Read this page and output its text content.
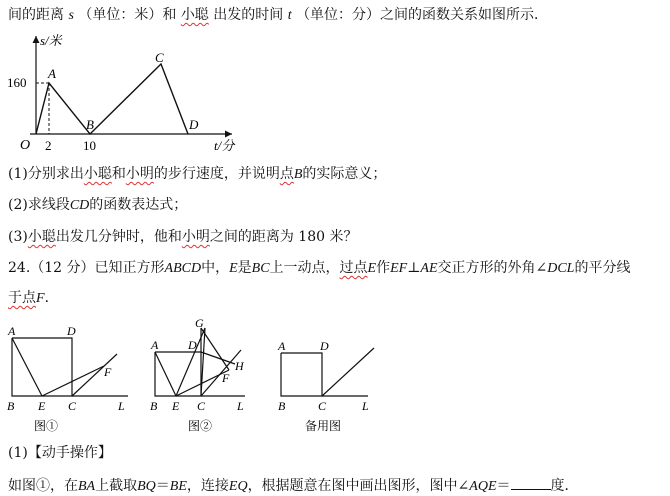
间的距离 s （单位：米）和 小聪 出发的时间 t （单位：分）之间的函数关系如图所示．
s/米
t/分
O
160
2 10
A
B
C
D
(1)分别求出小聪和小明的步行速度，并说明点B的实际意义；
(2)求线段CD的函数表达式；
(3)小聪出发几分钟时，他和小明之间的距离为 180 米？
24.（12 分）已知正方形ABCD中，E是BC上一动点，过点E作EF⊥AE交正方形的外角∠DCL的平分线
于点F．
A	D
B E C	L
F
图①
G
A D
H
F
B E C	L
图②
A	D
B	C	L
备用图
(1)【动手操作】
如图①，在BA上截取BQ＝BE，连接EQ，根据题意在图中画出图形，图中∠AQE＝	度．
